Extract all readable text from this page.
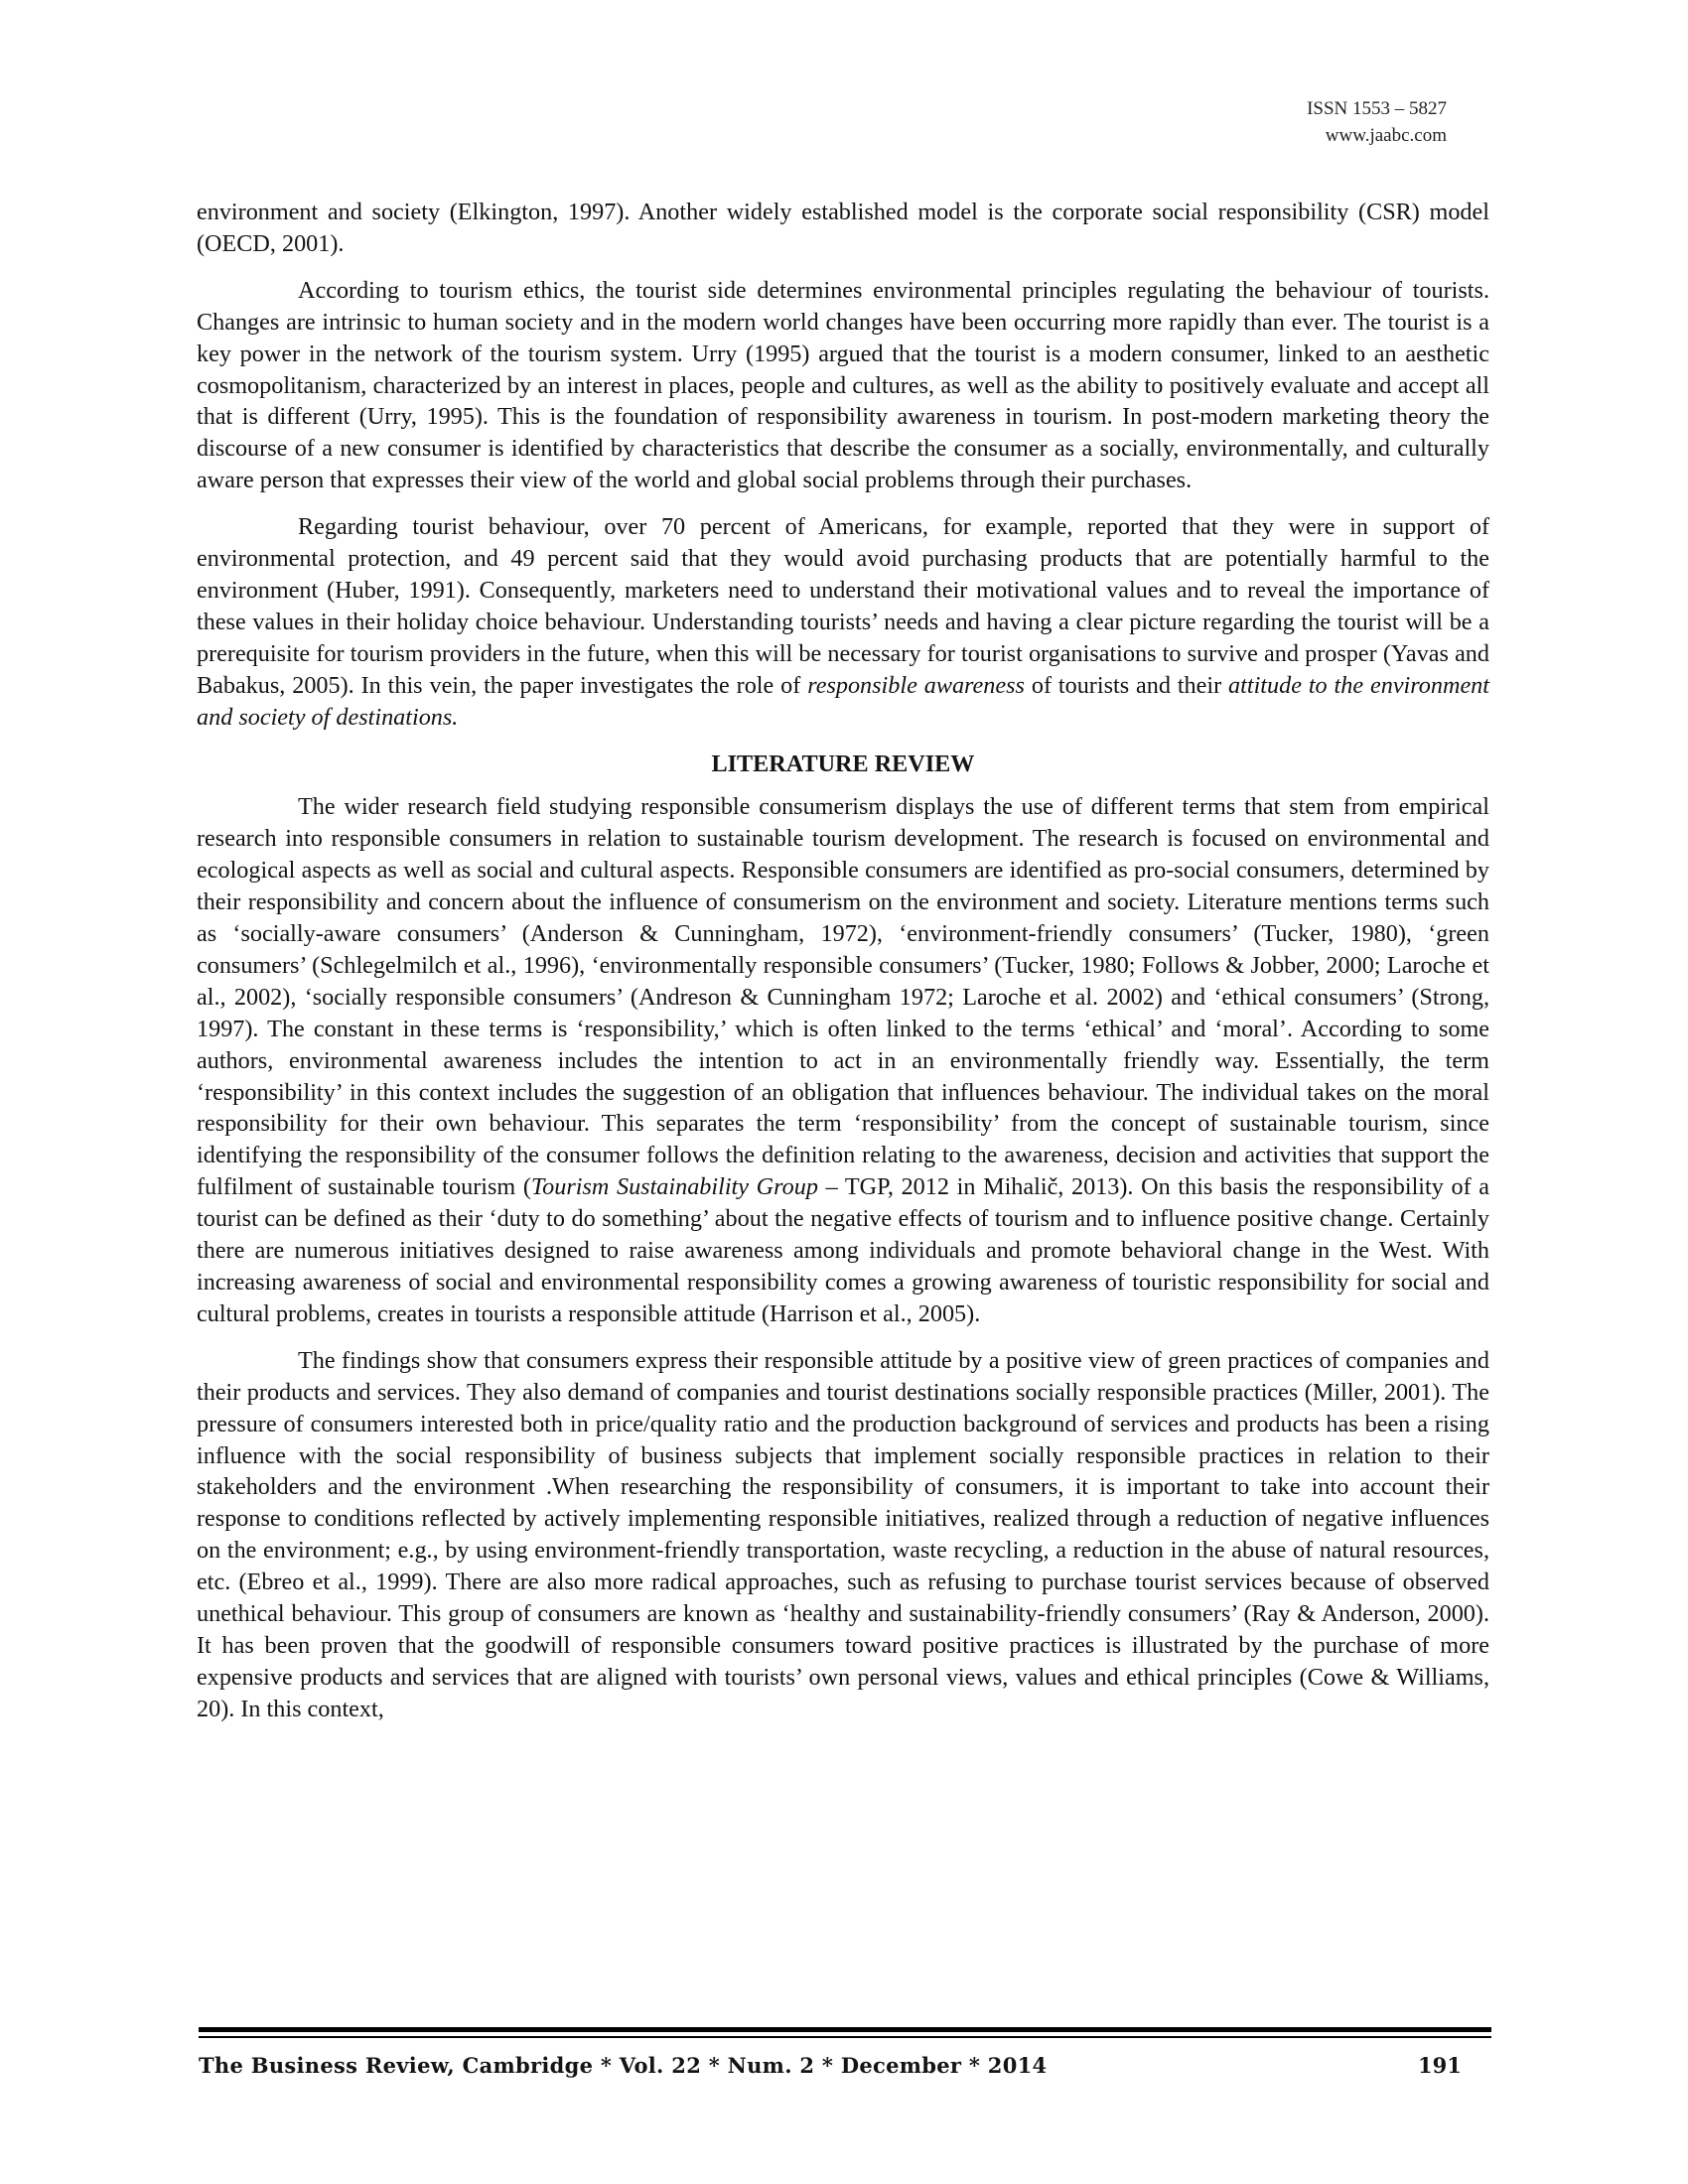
ISSN 1553 – 5827
www.jaabc.com

environment and society (Elkington, 1997). Another widely established model is the corporate social responsibility (CSR) model (OECD, 2001).

According to tourism ethics, the tourist side determines environmental principles regulating the behaviour of tourists. Changes are intrinsic to human society and in the modern world changes have been occurring more rapidly than ever. The tourist is a key power in the network of the tourism system. Urry (1995) argued that the tourist is a modern consumer, linked to an aesthetic cosmopolitanism, characterized by an interest in places, people and cultures, as well as the ability to positively evaluate and accept all that is different (Urry, 1995). This is the foundation of responsibility awareness in tourism. In post-modern marketing theory the discourse of a new consumer is identified by characteristics that describe the consumer as a socially, environmentally, and culturally aware person that expresses their view of the world and global social problems through their purchases.

Regarding tourist behaviour, over 70 percent of Americans, for example, reported that they were in support of environmental protection, and 49 percent said that they would avoid purchasing products that are potentially harmful to the environment (Huber, 1991). Consequently, marketers need to understand their motivational values and to reveal the importance of these values in their holiday choice behaviour. Understanding tourists’ needs and having a clear picture regarding the tourist will be a prerequisite for tourism providers in the future, when this will be necessary for tourist organisations to survive and prosper (Yavas and Babakus, 2005). In this vein, the paper investigates the role of responsible awareness of tourists and their attitude to the environment and society of destinations.

LITERATURE REVIEW

The wider research field studying responsible consumerism displays the use of different terms that stem from empirical research into responsible consumers in relation to sustainable tourism development. The research is focused on environmental and ecological aspects as well as social and cultural aspects. Responsible consumers are identified as pro-social consumers, determined by their responsibility and concern about the influence of consumerism on the environment and society. Literature mentions terms such as ‘socially-aware consumers’ (Anderson & Cunningham, 1972), ‘environment-friendly consumers’ (Tucker, 1980), ‘green consumers’ (Schlegelmilch et al., 1996), ‘environmentally responsible consumers’ (Tucker, 1980; Follows & Jobber, 2000; Laroche et al., 2002), ‘socially responsible consumers’ (Andreson & Cunningham 1972; Laroche et al. 2002) and ‘ethical consumers’ (Strong, 1997). The constant in these terms is ‘responsibility,’ which is often linked to the terms ‘ethical’ and ‘moral’. According to some authors, environmental awareness includes the intention to act in an environmentally friendly way. Essentially, the term ‘responsibility’ in this context includes the suggestion of an obligation that influences behaviour. The individual takes on the moral responsibility for their own behaviour. This separates the term ‘responsibility’ from the concept of sustainable tourism, since identifying the responsibility of the consumer follows the definition relating to the awareness, decision and activities that support the fulfilment of sustainable tourism (Tourism Sustainability Group – TGP, 2012 in Mihalič, 2013). On this basis the responsibility of a tourist can be defined as their ‘duty to do something’ about the negative effects of tourism and to influence positive change. Certainly there are numerous initiatives designed to raise awareness among individuals and promote behavioral change in the West. With increasing awareness of social and environmental responsibility comes a growing awareness of touristic responsibility for social and cultural problems, creates in tourists a responsible attitude (Harrison et al., 2005).

The findings show that consumers express their responsible attitude by a positive view of green practices of companies and their products and services. They also demand of companies and tourist destinations socially responsible practices (Miller, 2001). The pressure of consumers interested both in price/quality ratio and the production background of services and products has been a rising influence with the social responsibility of business subjects that implement socially responsible practices in relation to their stakeholders and the environment .When researching the responsibility of consumers, it is important to take into account their response to conditions reflected by actively implementing responsible initiatives, realized through a reduction of negative influences on the environment; e.g., by using environment-friendly transportation, waste recycling, a reduction in the abuse of natural resources, etc. (Ebreo et al., 1999). There are also more radical approaches, such as refusing to purchase tourist services because of observed unethical behaviour. This group of consumers are known as ‘healthy and sustainability-friendly consumers’ (Ray & Anderson, 2000). It has been proven that the goodwill of responsible consumers toward positive practices is illustrated by the purchase of more expensive products and services that are aligned with tourists’ own personal views, values and ethical principles (Cowe & Williams, 20). In this context,

The Business Review, Cambridge * Vol. 22 * Num. 2 * December * 2014	191
